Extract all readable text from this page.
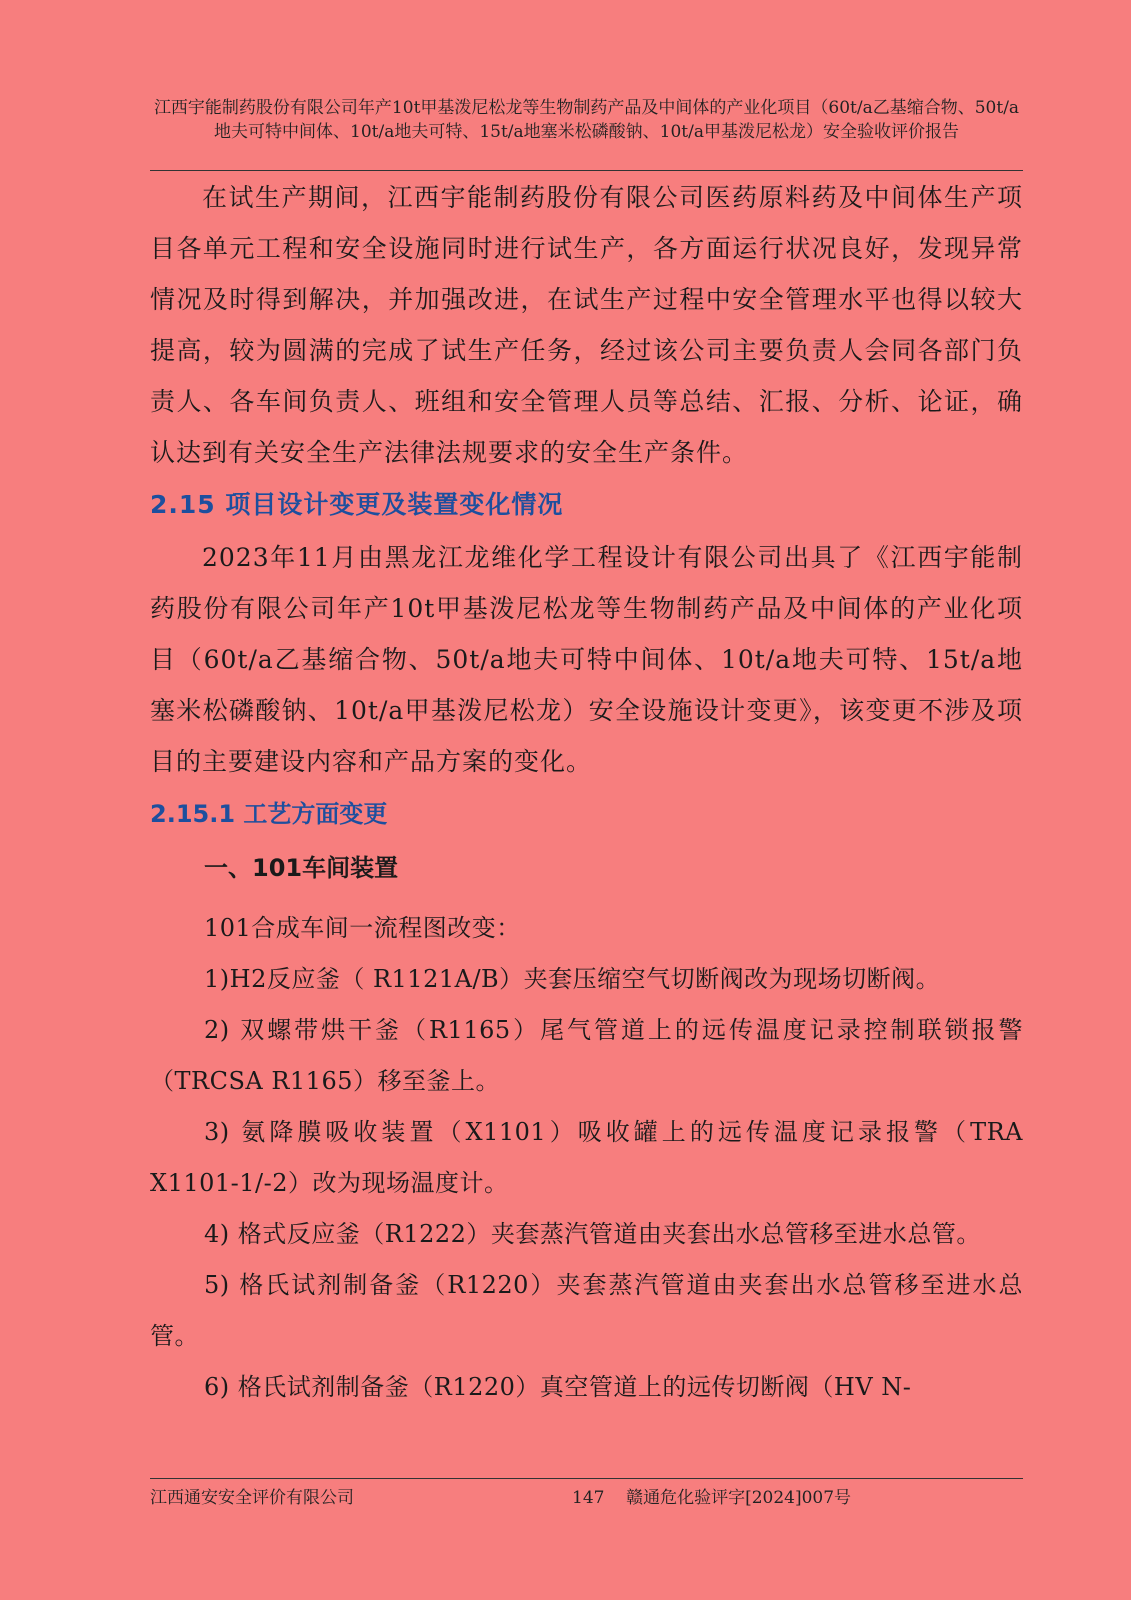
江西宇能制药股份有限公司年产10t甲基泼尼松龙等生物制药产品及中间体的产业化项目（60t/a乙基缩合物、50t/a地夫可特中间体、10t/a地夫可特、15t/a地塞米松磷酸钠、10t/a甲基泼尼松龙）安全验收评价报告

在试生产期间，江西宇能制药股份有限公司医药原料药及中间体生产项目各单元工程和安全设施同时进行试生产，各方面运行状况良好，发现异常情况及时得到解决，并加强改进，在试生产过程中安全管理水平也得以较大提高，较为圆满的完成了试生产任务，经过该公司主要负责人会同各部门负责人、各车间负责人、班组和安全管理人员等总结、汇报、分析、论证，确认达到有关安全生产法律法规要求的安全生产条件。

2.15 项目设计变更及装置变化情况

2023年11月由黑龙江龙维化学工程设计有限公司出具了《江西宇能制药股份有限公司年产10t甲基泼尼松龙等生物制药产品及中间体的产业化项目（60t/a乙基缩合物、50t/a地夫可特中间体、10t/a地夫可特、15t/a地塞米松磷酸钠、10t/a甲基泼尼松龙）安全设施设计变更》，该变更不涉及项目的主要建设内容和产品方案的变化。

2.15.1 工艺方面变更

一、101车间装置

101合成车间一流程图改变：

1)H2反应釜（ R1121A/B）夹套压缩空气切断阀改为现场切断阀。

2) 双螺带烘干釜（R1165）尾气管道上的远传温度记录控制联锁报警（TRCSA R1165）移至釜上。

3) 氨降膜吸收装置（X1101）吸收罐上的远传温度记录报警（TRA X1101-1/-2）改为现场温度计。

4) 格式反应釜（R1222）夹套蒸汽管道由夹套出水总管移至进水总管。

5) 格氏试剂制备釜（R1220）夹套蒸汽管道由夹套出水总管移至进水总管。

6) 格氏试剂制备釜（R1220）真空管道上的远传切断阀（HV N-

江西通安安全评价有限公司	147 赣通危化验评字[2024]007号
